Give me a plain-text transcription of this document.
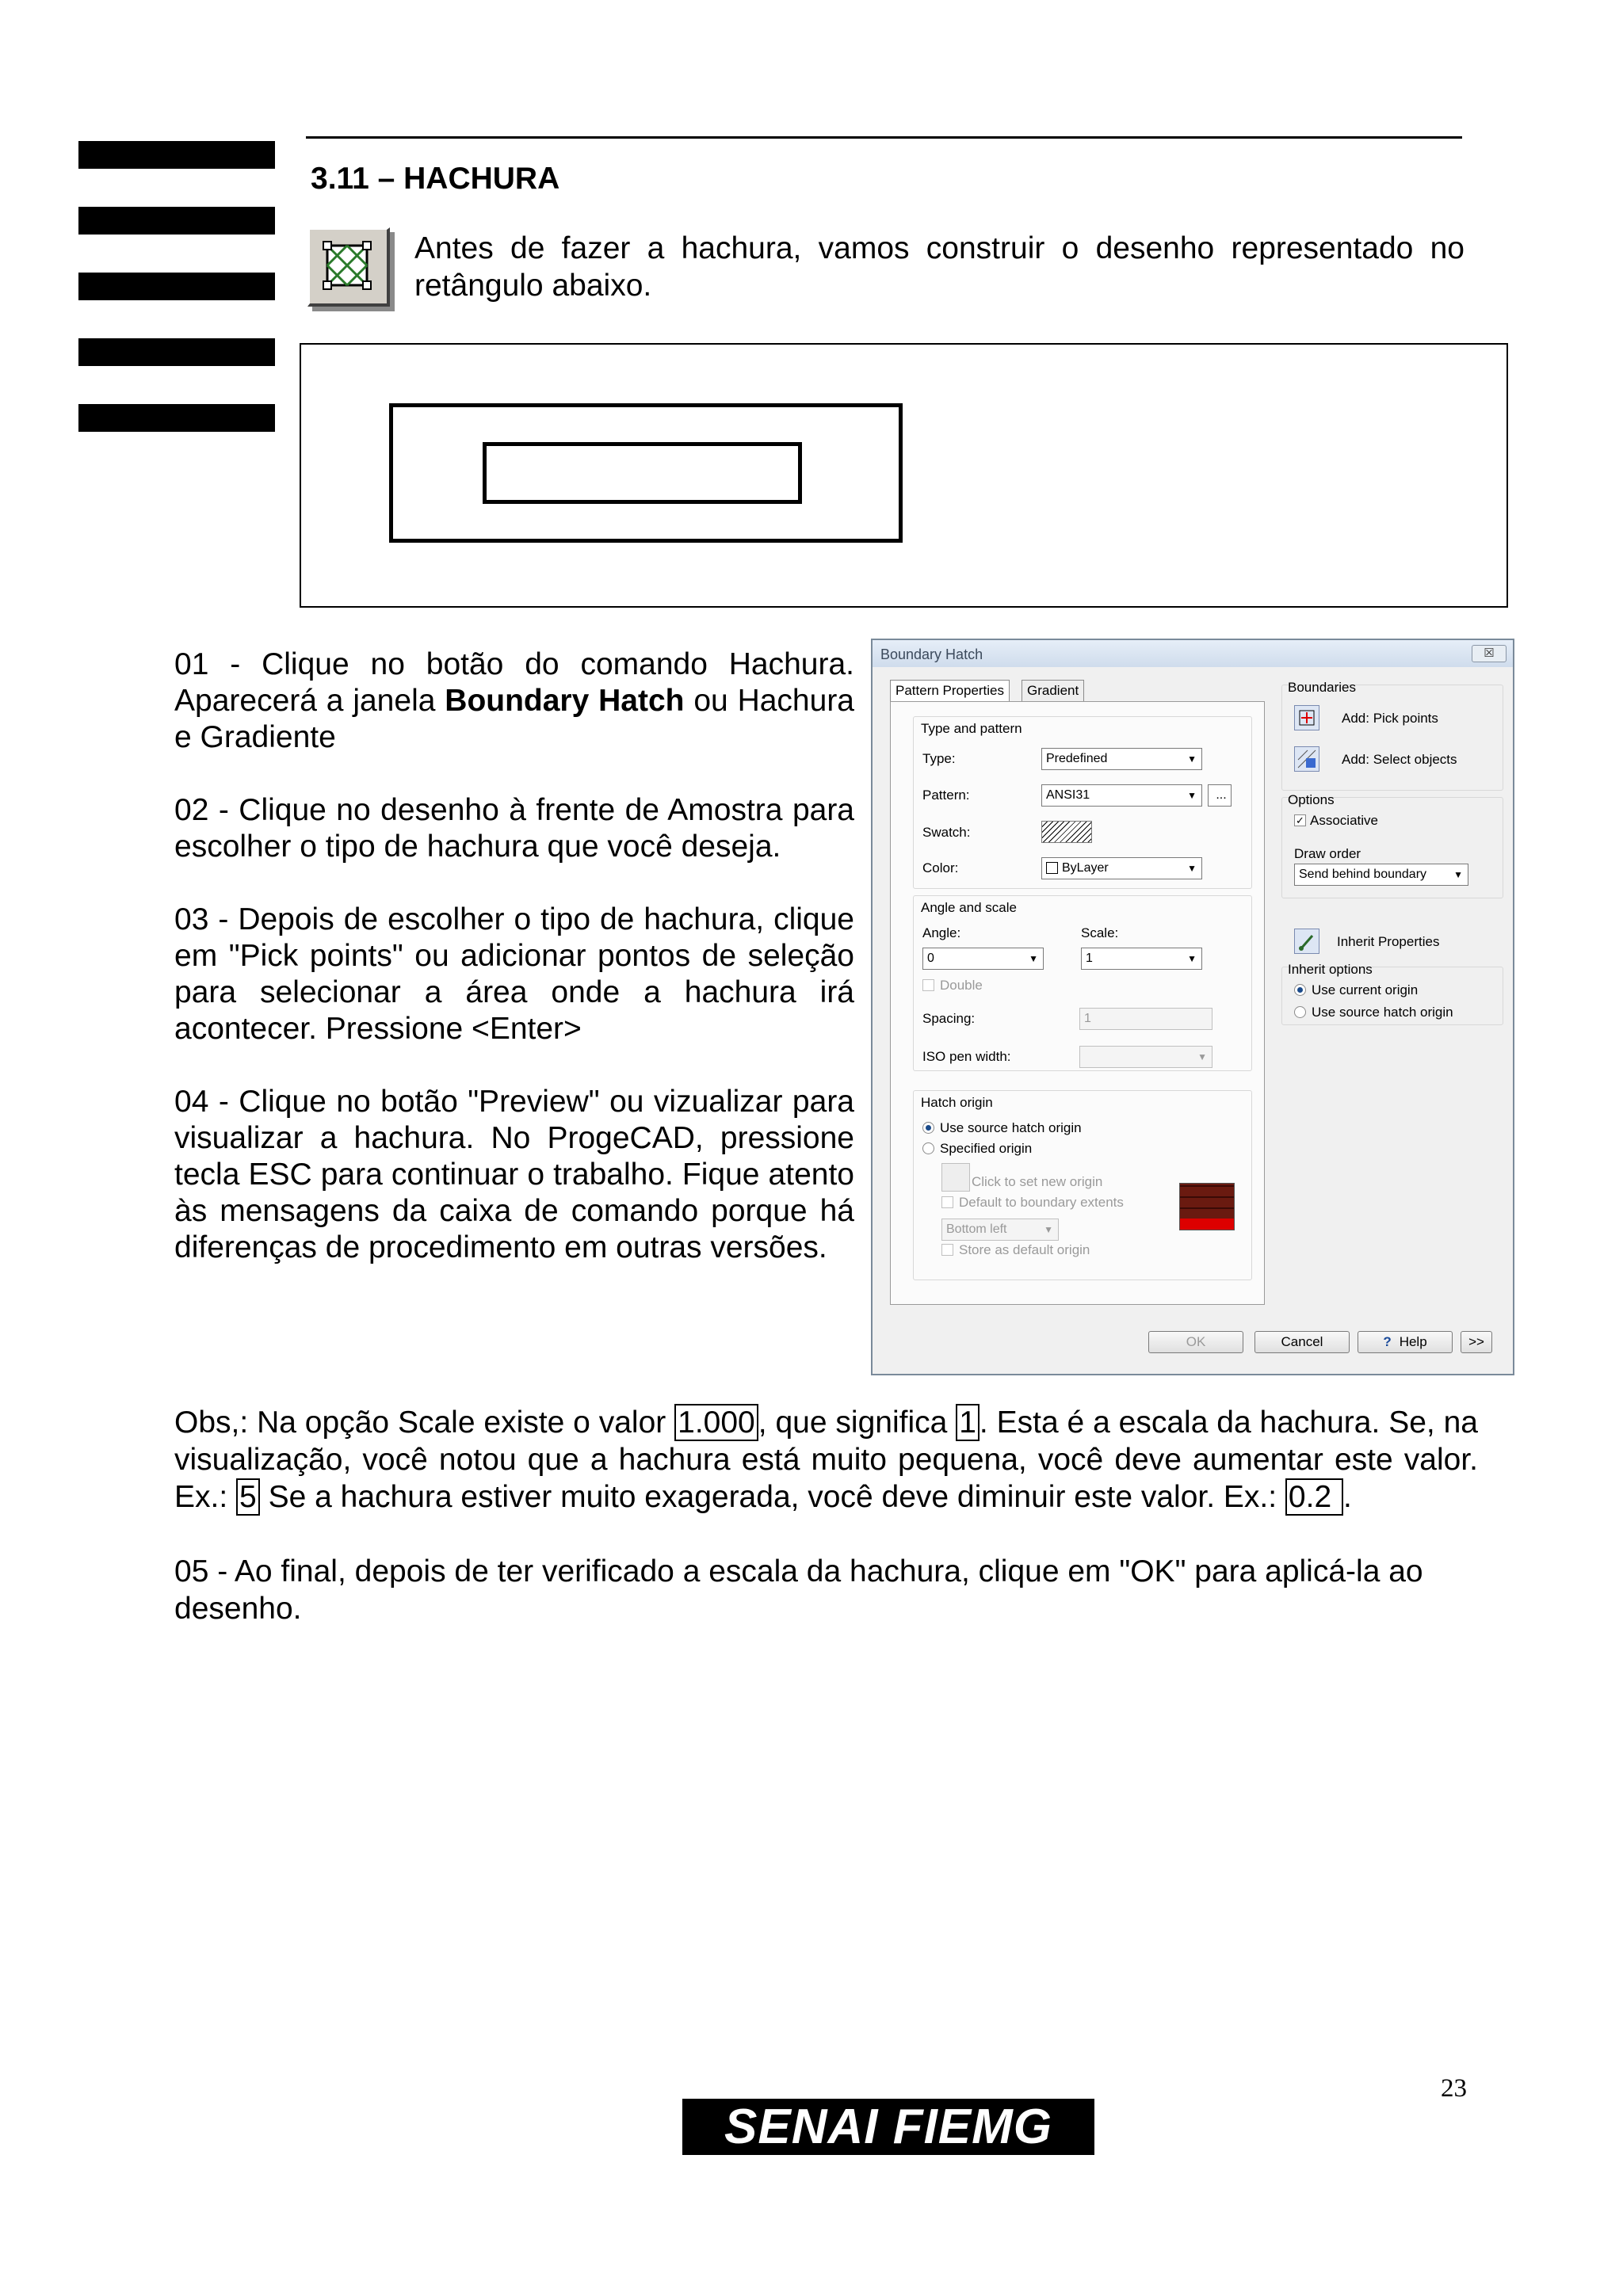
3.11 – HACHURA
Antes de fazer a hachura, vamos construir o desenho representado no retângulo abaixo.

01 - Clique no botão do comando Hachura. Aparecerá a janela Boundary Hatch ou Hachura e Gradiente

02 - Clique no desenho à frente de Amostra para escolher o tipo de hachura que você deseja.

03 - Depois de escolher o tipo de hachura, clique em "Pick points" ou adicionar pontos de seleção para selecionar a área onde a hachura irá acontecer. Pressione <Enter>

04 - Clique no botão "Preview" ou vizualizar para visualizar a hachura. No ProgeCAD, pressione tecla ESC para continuar o trabalho. Fique atento às mensagens da caixa de comando porque há diferenças de procedimento em outras versões.

Boundary Hatch	☒
Pattern Properties	Gradient
Type and pattern
Type:	Predefined	▼
Pattern:	ANSI31	▼	...
Swatch:
Color:	ByLayer	▼
Angle and scale
Angle:
0	▼
Scale:
1	▼
Double
Spacing:	1
ISO pen width:	▼
Hatch origin
Use source hatch origin
Specified origin
Click to set new origin
Default to boundary extents
Bottom left	▼
Store as default origin
Boundaries
Add: Pick points
Add: Select objects
Options
✓ Associative
Draw order
Send behind boundary	▼
Inherit Properties
Inherit options
Use current origin
Use source hatch origin
OK	Cancel	? Help	>>
Obs,: Na opção Scale existe o valor 1.000 , que significa 1 . Esta é a escala da hachura. Se, na visualização, você notou que a hachura está muito pequena, você deve aumentar este valor. Ex.: 5 Se a hachura estiver muito exagerada, você deve diminuir este valor. Ex.: 0.2 .
05 - Ao final, depois de ter verificado a escala da hachura, clique em "OK" para aplicá-la ao desenho.
23
SENAI FIEMG
